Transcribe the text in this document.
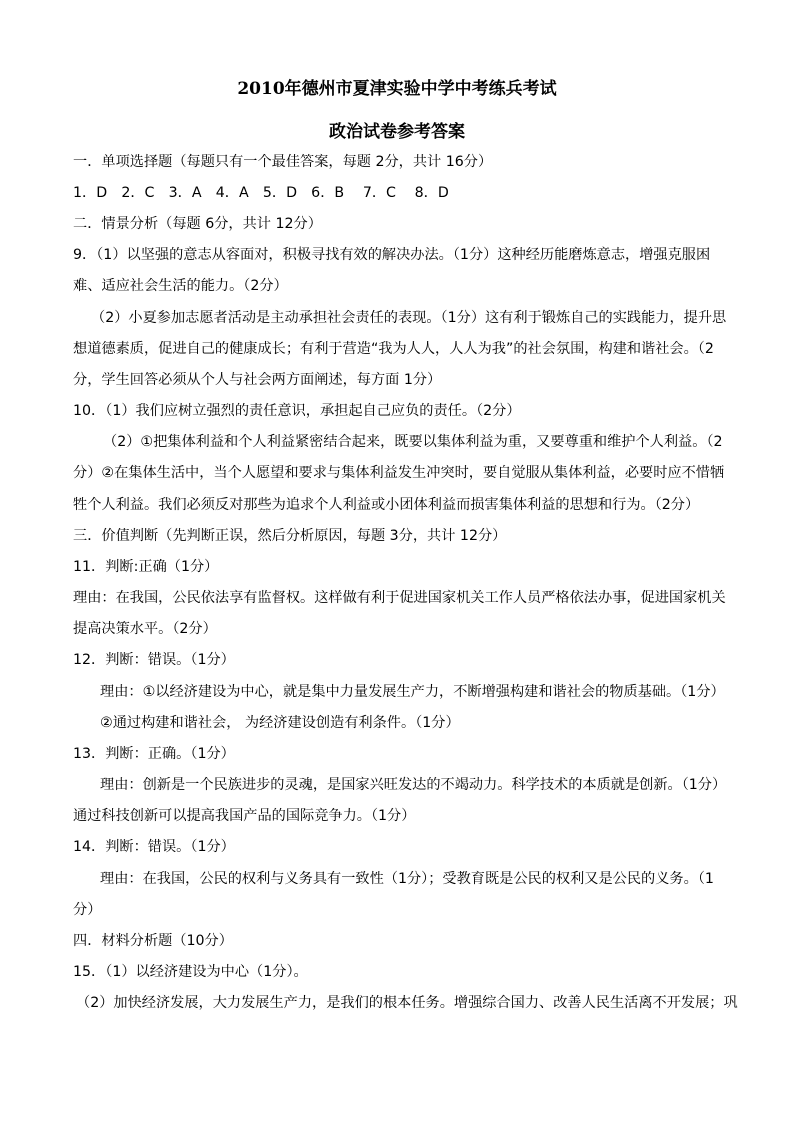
2010年德州市夏津实验中学中考练兵考试
政治试卷参考答案
一．单项选择题（每题只有一个最佳答案，每题 2分，共计 16分）
1．D　2．C　3．A　4．A　5．D　6．B　 7．C　 8．D
二．情景分析（每题 6分，共计 12分）
9．（1）以坚强的意志从容面对，积极寻找有效的解决办法。（1分）这种经历能磨炼意志，增强克服困
难、适应社会生活的能力。（2分）
（2）小夏参加志愿者活动是主动承担社会责任的表现。（1分）这有利于锻炼自己的实践能力，提升思
想道德素质，促进自己的健康成长；有利于营造“我为人人，人人为我”的社会氛围，构建和谐社会。（2
分，学生回答必须从个人与社会两方面阐述，每方面 1分）
10．（1）我们应树立强烈的责任意识，承担起自己应负的责任。（2分）
（2）①把集体利益和个人利益紧密结合起来，既要以集体利益为重，又要尊重和维护个人利益。（2
分）②在集体生活中，当个人愿望和要求与集体利益发生冲突时，要自觉服从集体利益，必要时应不惜牺
牲个人利益。我们必须反对那些为追求个人利益或小团体利益而损害集体利益的思想和行为。（2分）
三．价值判断（先判断正误，然后分析原因，每题 3分，共计 12分）
11．判断:正确（1分）
理由：在我国，公民依法享有监督权。这样做有利于促进国家机关工作人员严格依法办事，促进国家机关
提高决策水平。（2分）
12．判断：错误。（1分）
理由：①以经济建设为中心，就是集中力量发展生产力，不断增强构建和谐社会的物质基础。（1分）
②通过构建和谐社会， 为经济建设创造有利条件。（1分）
13．判断：正确。（1分）
理由：创新是一个民族进步的灵魂，是国家兴旺发达的不竭动力。科学技术的本质就是创新。（1分）
通过科技创新可以提高我国产品的国际竞争力。（1分）
14．判断：错误。（1分）
理由：在我国，公民的权利与义务具有一致性（1分）；受教育既是公民的权利又是公民的义务。（1
分）
四．材料分析题（10分）
15．（1）以经济建设为中心（1分）。
（2）加快经济发展，大力发展生产力，是我们的根本任务。增强综合国力、改善人民生活离不开发展；巩
